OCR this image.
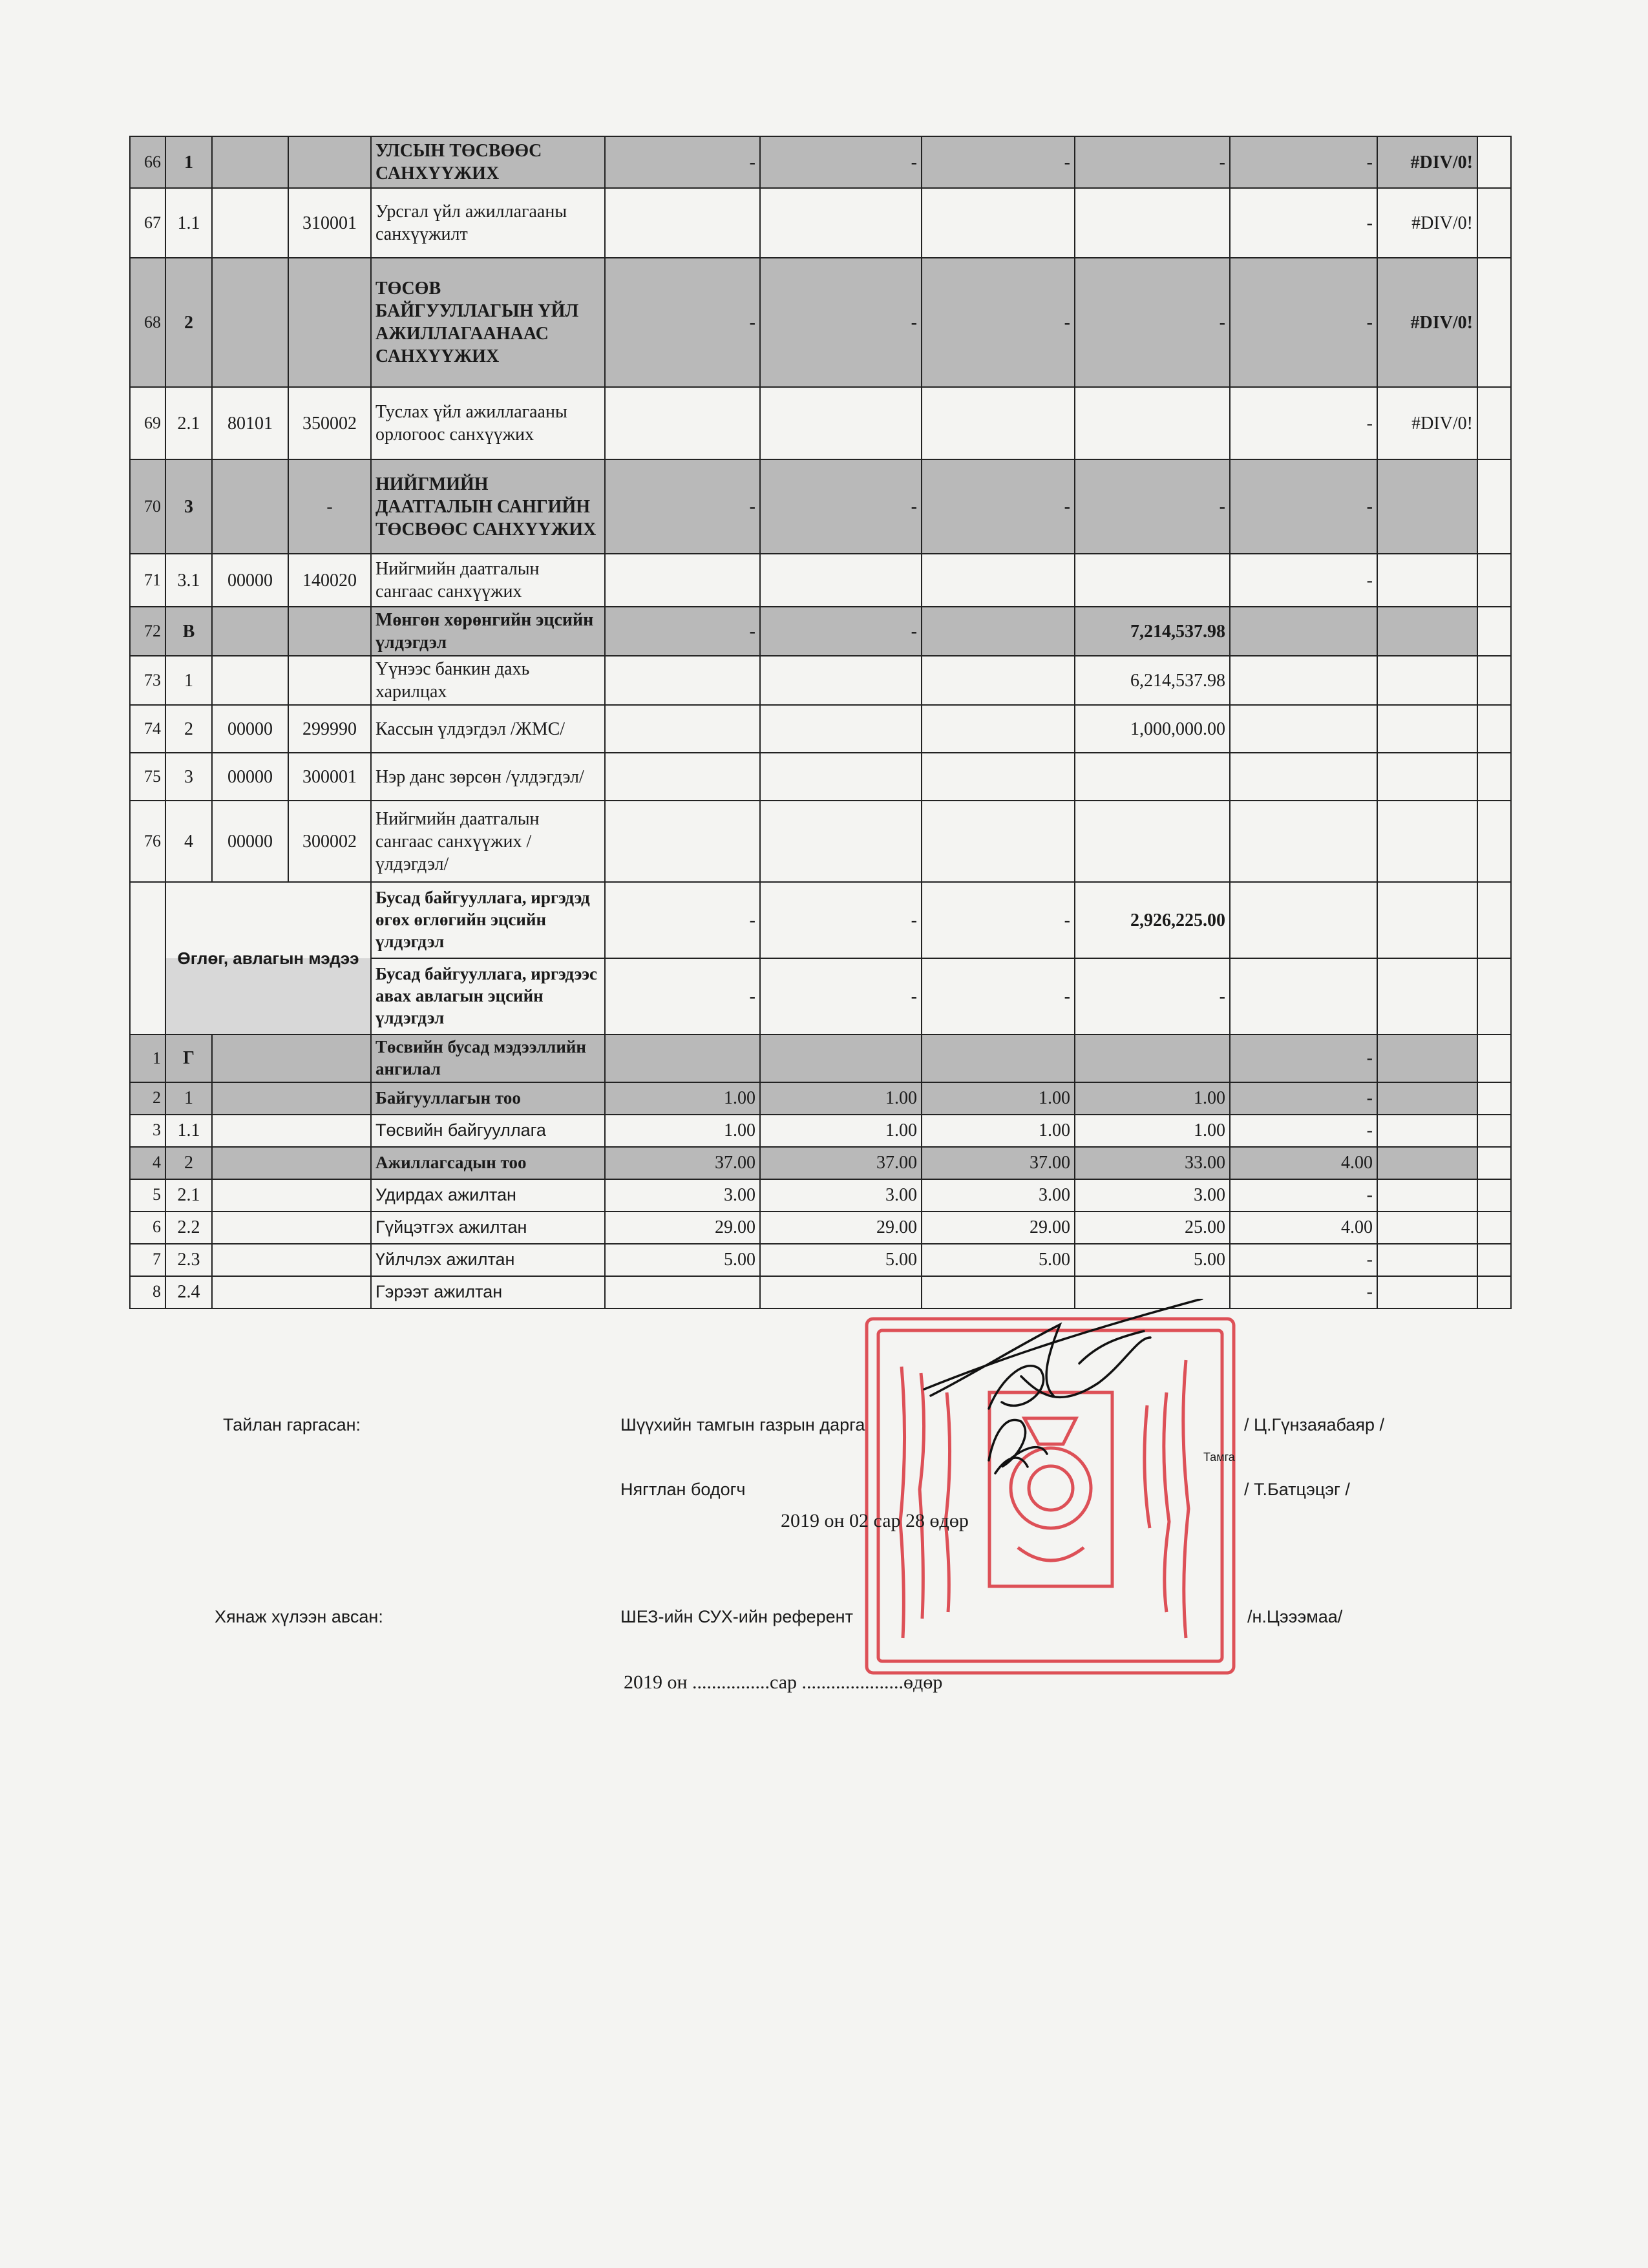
66	1			УЛСЫН ТӨСВӨӨС САНХҮҮЖИХ	-	-	-	-	-	#DIV/0!	
67	1.1		310001	Урсгал үйл ажиллагааны санхүүжилт					-	#DIV/0!	
68	2			ТӨСӨВ БАЙГУУЛЛАГЫН ҮЙЛ АЖИЛЛАГААНААС САНХҮҮЖИХ	-	-	-	-	-	#DIV/0!	
69	2.1	80101	350002	Туслах үйл ажиллагааны орлогоос санхүүжих					-	#DIV/0!	
70	3		-	НИЙГМИЙН ДААТГАЛЫН САНГИЙН ТӨСВӨӨС САНХҮҮЖИХ	-	-	-	-	-		
71	3.1	00000	140020	Нийгмийн даатгалын сангаас санхүүжих					-		
72	В			Мөнгөн хөрөнгийн эцсийн үлдэгдэл	-	-		7,214,537.98			
73	1			Үүнээс банкин дахь харилцах				6,214,537.98			
74	2	00000	299990	Кассын үлдэгдэл /ЖМС/				1,000,000.00			
75	3	00000	300001	Нэр данс зөрсөн /үлдэгдэл/							
76	4	00000	300002	Нийгмийн даатгалын сангаас санхүүжих /үлдэгдэл/							
	Өглөг, авлагын мэдээ			Бусад байгууллага, иргэдэд өгөх өглөгийн эцсийн үлдэгдэл	-	-	-	2,926,225.00			
				Бусад байгууллага, иргэдээс авах авлагын эцсийн үлдэгдэл	-	-	-	-			
1	Г			Төсвийн бусад мэдээллийн ангилал					-		
2	1			Байгууллагын тоо	1.00	1.00	1.00	1.00	-		
3	1.1			Төсвийн байгууллага	1.00	1.00	1.00	1.00	-		
4	2			Ажиллагсадын тоо	37.00	37.00	37.00	33.00	4.00		
5	2.1			Удирдах ажилтан	3.00	3.00	3.00	3.00	-		
6	2.2			Гүйцэтгэх ажилтан	29.00	29.00	29.00	25.00	4.00		
7	2.3			Үйлчлэх ажилтан	5.00	5.00	5.00	5.00	-		
8	2.4			Гэрээт ажилтан					-		
Тайлан гаргасан:	Шүүхийн тамгын газрын дарга	/ Ц.Гүнзаяабаяр /
Тамга
Нягтлан бодогч	/ Т.Батцэцэг /
2019 он 02 сар 28 өдөр
Хянаж хүлээн авсан:	ШЕЗ-ийн СУХ-ийн референт	/н.Цэээмаа/
2019 он ................сар .....................өдөр
